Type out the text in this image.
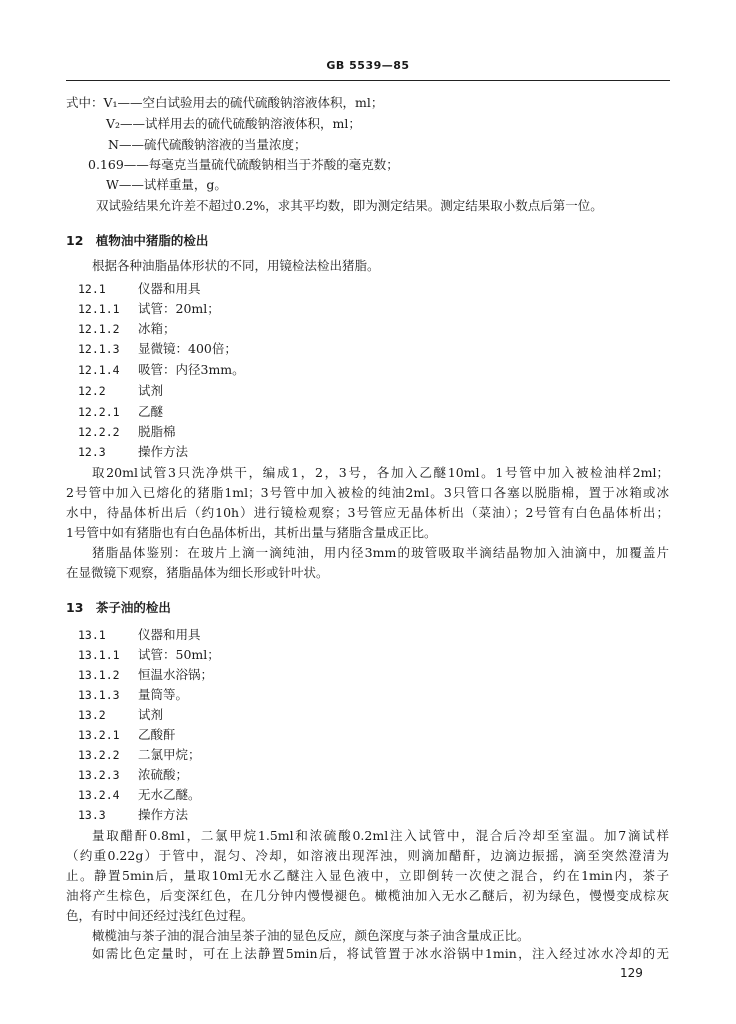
GB 5539—85
式中：V₁——空白试验用去的硫代硫酸钠溶液体积，ml；
V₂——试样用去的硫代硫酸钠溶液体积，ml；
N——硫代硫酸钠溶液的当量浓度；
0.169——每毫克当量硫代硫酸钠相当于芥酸的毫克数；
W——试样重量，g。
双试验结果允许差不超过0.2%，求其平均数，即为测定结果。测定结果取小数点后第一位。
12　植物油中猪脂的检出
根据各种油脂晶体形状的不同，用镜检法检出猪脂。
12.1	仪器和用具
12.1.1 试管：20ml；
12.1.2 冰箱；
12.1.3 显微镜：400倍；
12.1.4 吸管：内径3mm。
12.2	试剂
12.2.1 乙醚
12.2.2 脱脂棉
12.3	操作方法
取20ml试管3只洗净烘干，编成1，2，3号，各加入乙醚10ml。1号管中加入被检油样2ml；
2号管中加入已熔化的猪脂1ml；3号管中加入被检的纯油2ml。3只管口各塞以脱脂棉，置于冰箱或冰
水中，待晶体析出后（约10h）进行镜检观察；3号管应无晶体析出（菜油）；2号管有白色晶体析出；
1号管中如有猪脂也有白色晶体析出，其析出量与猪脂含量成正比。
猪脂晶体鉴别：在玻片上滴一滴纯油，用内径3mm的玻管吸取半滴结晶物加入油滴中，加覆盖片
在显微镜下观察，猪脂晶体为细长形或针叶状。
13　茶子油的检出
13.1	仪器和用具
13.1.1 试管：50ml；
13.1.2 恒温水浴锅；
13.1.3 量筒等。
13.2	试剂
13.2.1 乙酸酐
13.2.2 二氯甲烷；
13.2.3 浓硫酸；
13.2.4 无水乙醚。
13.3	操作方法
量取醋酐0.8ml，二氯甲烷1.5ml和浓硫酸0.2ml注入试管中，混合后冷却至室温。加7滴试样
（约重0.22g）于管中，混匀、冷却，如溶液出现浑浊，则滴加醋酐，边滴边振摇，滴至突然澄清为
止。静置5min后，量取10ml无水乙醚注入显色液中，立即倒转一次使之混合，约在1min内，茶子
油将产生棕色，后变深红色，在几分钟内慢慢褪色。橄榄油加入无水乙醚后，初为绿色，慢慢变成棕灰
色，有时中间还经过浅红色过程。
橄榄油与茶子油的混合油呈茶子油的显色反应，颜色深度与茶子油含量成正比。
如需比色定量时，可在上法静置5min后，将试管置于冰水浴锅中1min，注入经过冰水冷却的无
129
